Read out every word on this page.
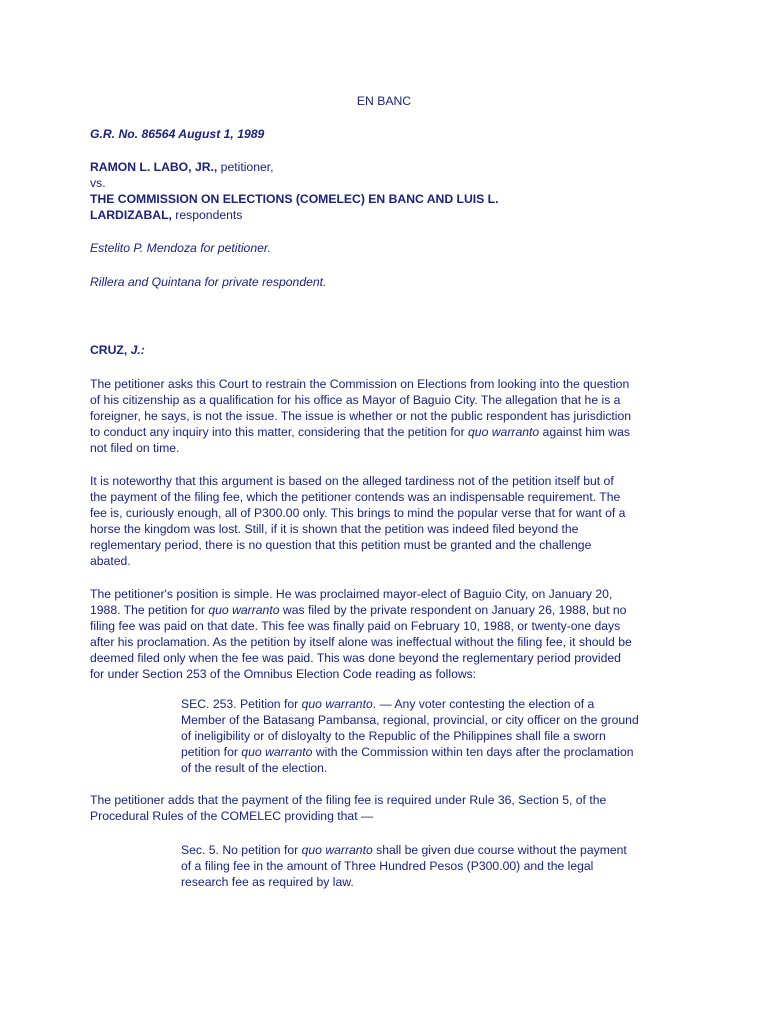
EN BANC
G.R. No. 86564 August 1, 1989
RAMON L. LABO, JR., petitioner,
vs.
THE COMMISSION ON ELECTIONS (COMELEC) EN BANC AND LUIS L.
LARDIZABAL, respondents
Estelito P. Mendoza for petitioner.
Rillera and Quintana for private respondent.
CRUZ, J.:
The petitioner asks this Court to restrain the Commission on Elections from looking into the question
of his citizenship as a qualification for his office as Mayor of Baguio City. The allegation that he is a
foreigner, he says, is not the issue. The issue is whether or not the public respondent has jurisdiction
to conduct any inquiry into this matter, considering that the petition for quo warranto against him was
not filed on time.
It is noteworthy that this argument is based on the alleged tardiness not of the petition itself but of
the payment of the filing fee, which the petitioner contends was an indispensable requirement. The
fee is, curiously enough, all of P300.00 only. This brings to mind the popular verse that for want of a
horse the kingdom was lost. Still, if it is shown that the petition was indeed filed beyond the
reglementary period, there is no question that this petition must be granted and the challenge
abated.
The petitioner's position is simple. He was proclaimed mayor-elect of Baguio City, on January 20,
1988. The petition for quo warranto was filed by the private respondent on January 26, 1988, but no
filing fee was paid on that date. This fee was finally paid on February 10, 1988, or twenty-one days
after his proclamation. As the petition by itself alone was ineffectual without the filing fee, it should be
deemed filed only when the fee was paid. This was done beyond the reglementary period provided
for under Section 253 of the Omnibus Election Code reading as follows:
SEC. 253. Petition for quo warranto. — Any voter contesting the election of a
Member of the Batasang Pambansa, regional, provincial, or city officer on the ground
of ineligibility or of disloyalty to the Republic of the Philippines shall file a sworn
petition for quo warranto with the Commission within ten days after the proclamation
of the result of the election.
The petitioner adds that the payment of the filing fee is required under Rule 36, Section 5, of the
Procedural Rules of the COMELEC providing that —
Sec. 5. No petition for quo warranto shall be given due course without the payment
of a filing fee in the amount of Three Hundred Pesos (P300.00) and the legal
research fee as required by law.
